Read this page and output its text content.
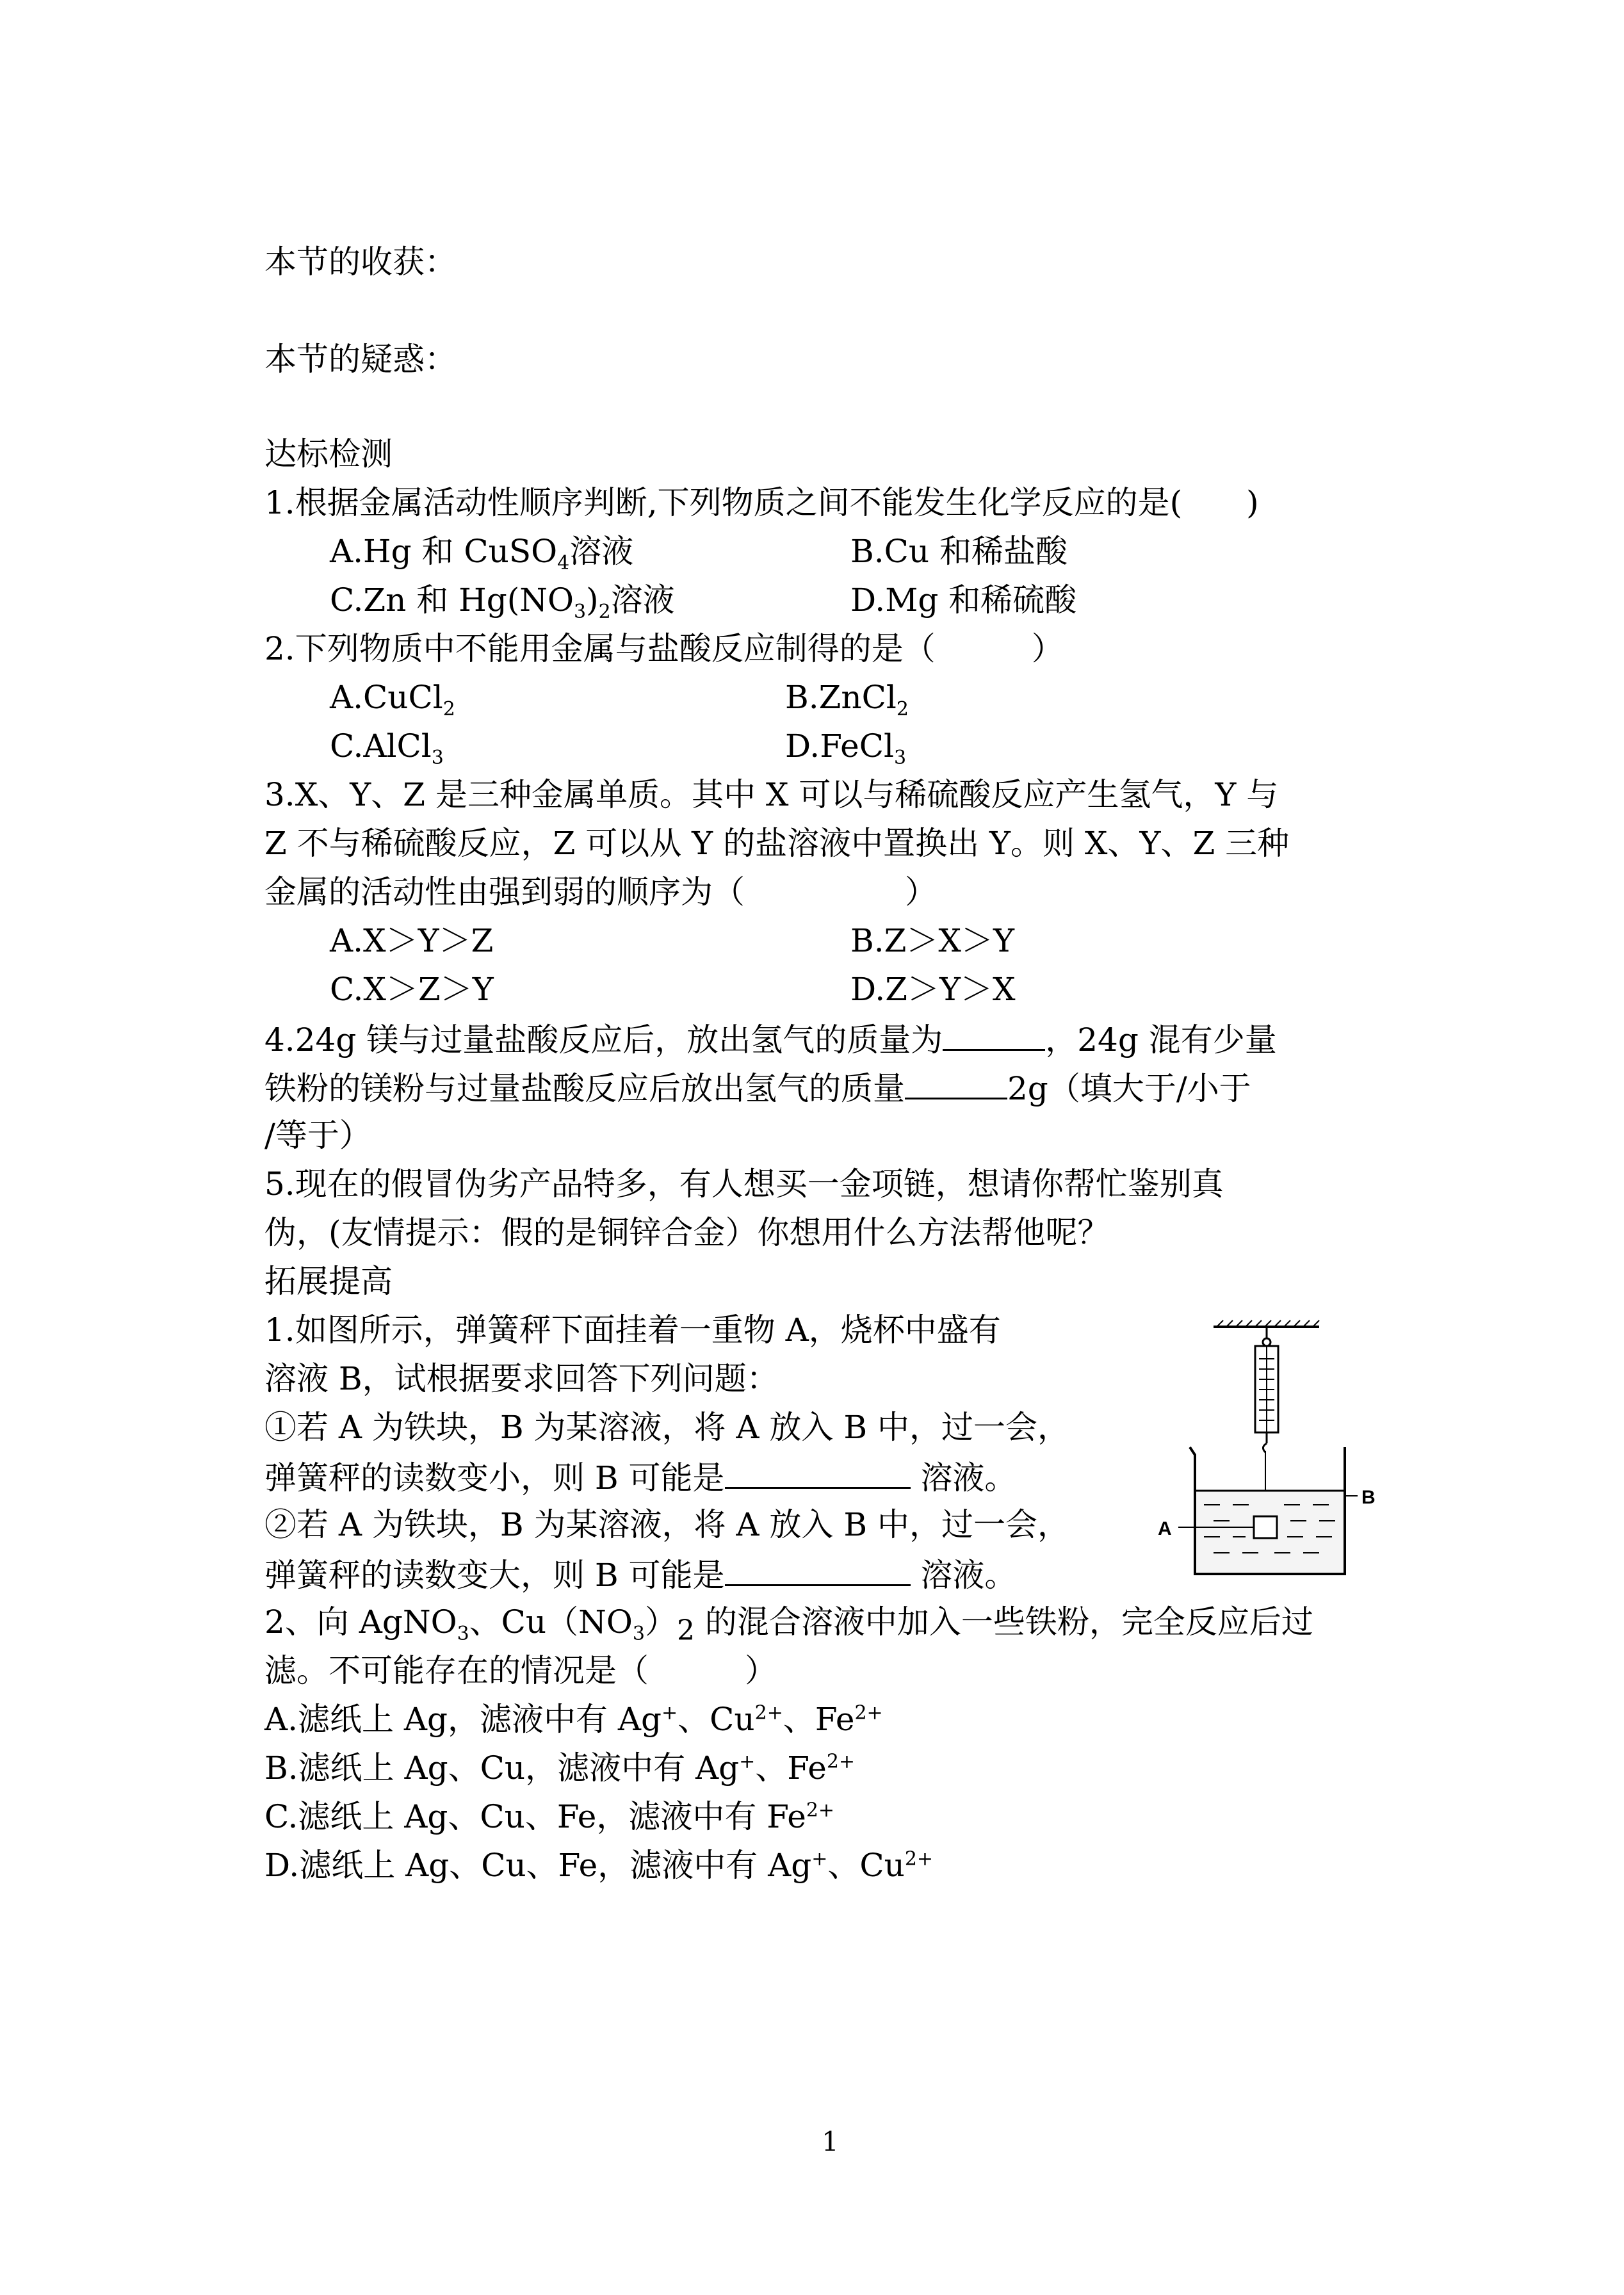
本节的收获：
本节的疑惑：
达标检测
1.根据金属活动性顺序判断,下列物质之间不能发生化学反应的是(　　)
A.Hg 和 CuSO$_4$溶液	B.Cu 和稀盐酸
C.Zn 和 $Hg(NO_3)_2$溶液	D.Mg 和稀硫酸
2.下列物质中不能用金属与盐酸反应制得的是（　　　）
A.CuCl$_2$	B.ZnCl$_2$
C.AlCl$_3$	D.FeCl$_3$
3.X、Y、Z 是三种金属单质。其中 X 可以与稀硫酸反应产生氢气，Y 与
Z 不与稀硫酸反应，Z 可以从 Y 的盐溶液中置换出 Y。则 X、Y、Z 三种
金属的活动性由强到弱的顺序为（　　　　　）
A.X＞Y＞Z	B.Z＞X＞Y
C.X＞Z＞Y	D.Z＞Y＞X
4.24g 镁与过量盐酸反应后，放出氢气的质量为	，24g 混有少量
铁粉的镁粉与过量盐酸反应后放出氢气的质量	2g（填大于/小于
/等于）
5.现在的假冒伪劣产品特多，有人想买一金项链，想请你帮忙鉴别真
伪，(友情提示：假的是铜锌合金）你想用什么方法帮他呢？
拓展提高
1.如图所示，弹簧秤下面挂着一重物 A，烧杯中盛有
溶液 B，试根据要求回答下列问题：
①若 A 为铁块，B 为某溶液，将 A 放入 B 中，过一会，
弹簧秤的读数变小，则 B 可能是	溶液。
②若 A 为铁块，B 为某溶液，将 A 放入 B 中，过一会，
弹簧秤的读数变大，则 B 可能是	溶液。
A
B
2、向 AgNO$_3$、$Cu(NO_3)_2$ 的混合溶液中加入一些铁粉，完全反应后过
滤。不可能存在的情况是（　　　）
A.滤纸上 Ag，滤液中有 Ag+、$Cu^{2+}$、$Fe^{2+}$
B.滤纸上 Ag、Cu，滤液中有 Ag+、$Fe^{2+}$
C.滤纸上 Ag、Cu、Fe，滤液中有 $Fe^{2+}$
D.滤纸上 Ag、Cu、Fe，滤液中有 Ag+、$Cu^{2+}$
1
